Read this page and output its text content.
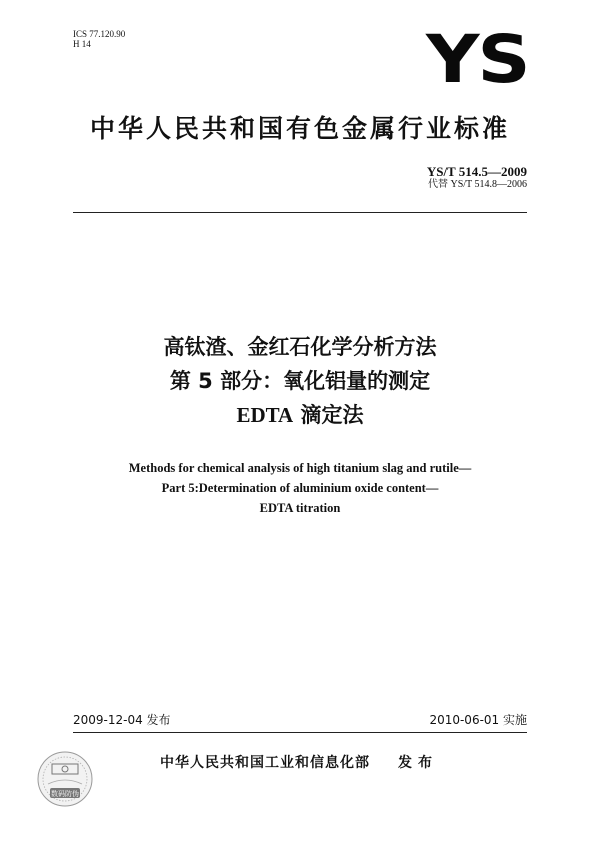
ICS 77.120.90
H 14	YS
中华人民共和国有色金属行业标准
YS/T 514.5—2009
代替 YS/T 514.8—2006
高钛渣、金红石化学分析方法
第 5 部分：氧化铝量的测定
EDTA 滴定法
Methods for chemical analysis of high titanium slag and rutile—
Part 5:Determination of aluminium oxide content—
EDTA titration
2009-12-04 发布	2010-06-01 实施
数码防伪
中华人民共和国工业和信息化部 发布
